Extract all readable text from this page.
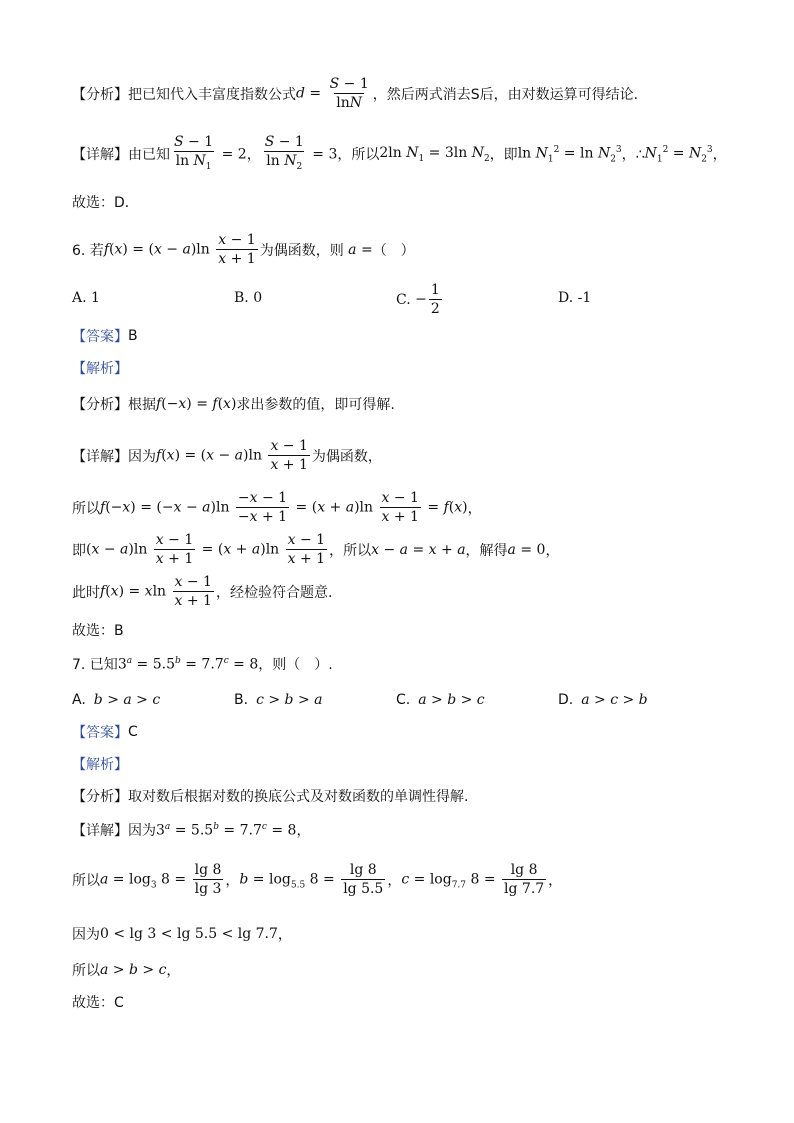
【分析】 把已知代入丰富度指数公式 $d = \frac{S - 1}{\ln N}$ ，然后两式消去S后，由对数运算可得结论．
【详解】 由已知 $\frac{S - 1}{\ln N_1} = 2$ ， $\frac{S - 1}{\ln N_2} = 3$ ，所以 2ln $N_1 = 3\ln$ $N_2$ ，即 $\ln N_1^2 = \ln N_2^3$ ，∴ $N_1^2 = N_2^3$ ，
故选：D．
6. 若 $f(x) = (x - a)\ln \frac{x - 1}{x + 1}$ 为偶函数，则 a = （　）
A. 1	B. 0	C. − $\frac{1}{2}$	D. -1
【答案】 B
【解析】
【分析】 根据 f(−x) = f(x) 求出参数的值，即可得解.
【详解】 因为 $f(x) = (x - a)\ln \frac{x - 1}{x + 1}$ 为偶函数，
所以 $f(-x) = (-x - a)\ln \frac{-x - 1}{-x + 1} = (x + a)\ln \frac{x - 1}{x + 1} = f(x)$ ，
即 $(x - a)\ln \frac{x - 1}{x + 1} = (x + a)\ln \frac{x - 1}{x + 1}$ ，所以 x − a = x + a ，解得 a = 0 ，
此时 f(x) = xln $\frac{x - 1}{x + 1}$ ，经检验符合题意.
故选：B
7. 已知 $3^a = 5.5^b = 7.7^c = 8$ ，则（　）.
A. b > a > c	B. c > b > a	C. a > b > c	D. a > c > b
【答案】 C
【解析】
【分析】 取对数后根据对数的换底公式及对数函数的单调性得解.
【详解】 因为 $3^a = 5.5^b = 7.7^c = 8$ ，
所以 $a = \log_3 8 = \frac{\lg 8}{\lg 3}$ ， $b = \log_{5.5} 8 = \frac{\lg 8}{\lg 5.5}$ ， $c = \log_{7.7} 8 = \frac{\lg 8}{\lg 7.7}$ ，
因为 0 < lg 3 < lg 5.5 < lg 7.7 ，
所以 a > b > c ，
故选：C
